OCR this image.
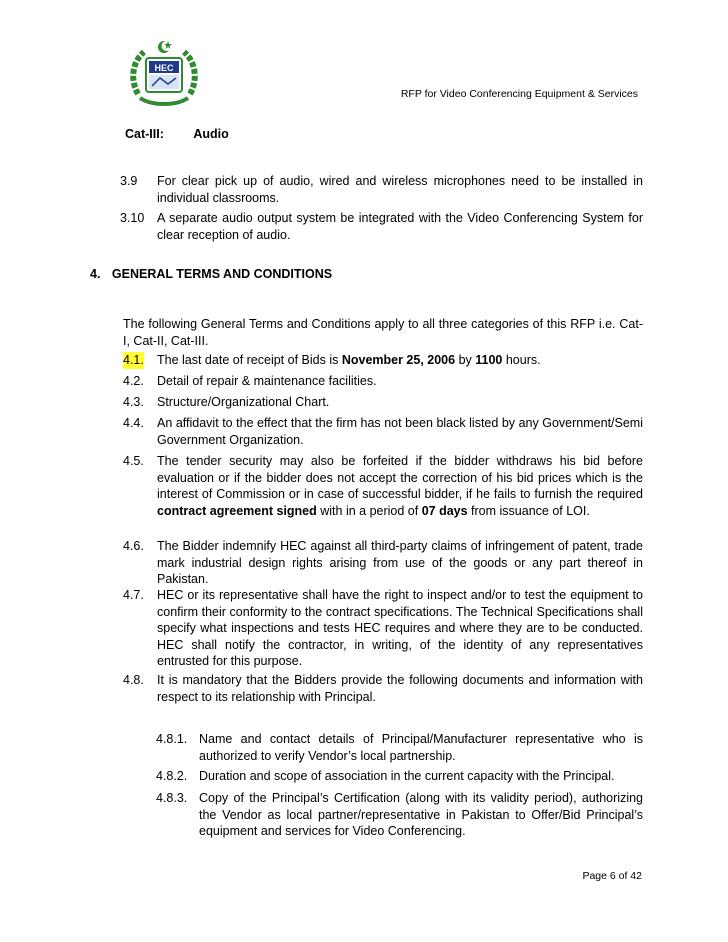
HEC
RFP for Video Conferencing Equipment & Services
Cat-III: Audio
3.9 For clear pick up of audio, wired and wireless microphones need to be installed in individual classrooms.
3.10 A separate audio output system be integrated with the Video Conferencing System for clear reception of audio.
4. GENERAL TERMS AND CONDITIONS
The following General Terms and Conditions apply to all three categories of this RFP i.e. Cat-I, Cat-II, Cat-III.
4.1. The last date of receipt of Bids is November 25, 2006 by 1100 hours.
4.2. Detail of repair & maintenance facilities.
4.3. Structure/Organizational Chart.
4.4. An affidavit to the effect that the firm has not been black listed by any Government/Semi Government Organization.
4.5. The tender security may also be forfeited if the bidder withdraws his bid before evaluation or if the bidder does not accept the correction of his bid prices which is the interest of Commission or in case of successful bidder, if he fails to furnish the required contract agreement signed with in a period of 07 days from issuance of LOI.
4.6. The Bidder indemnify HEC against all third-party claims of infringement of patent, trade mark industrial design rights arising from use of the goods or any part thereof in Pakistan.
4.7. HEC or its representative shall have the right to inspect and/or to test the equipment to confirm their conformity to the contract specifications. The Technical Specifications shall specify what inspections and tests HEC requires and where they are to be conducted. HEC shall notify the contractor, in writing, of the identity of any representatives entrusted for this purpose.
4.8. It is mandatory that the Bidders provide the following documents and information with respect to its relationship with Principal.
4.8.1. Name and contact details of Principal/Manufacturer representative who is authorized to verify Vendor’s local partnership.
4.8.2. Duration and scope of association in the current capacity with the Principal.
4.8.3. Copy of the Principal’s Certification (along with its validity period), authorizing the Vendor as local partner/representative in Pakistan to Offer/Bid Principal’s equipment and services for Video Conferencing.
Page 6 of 42
